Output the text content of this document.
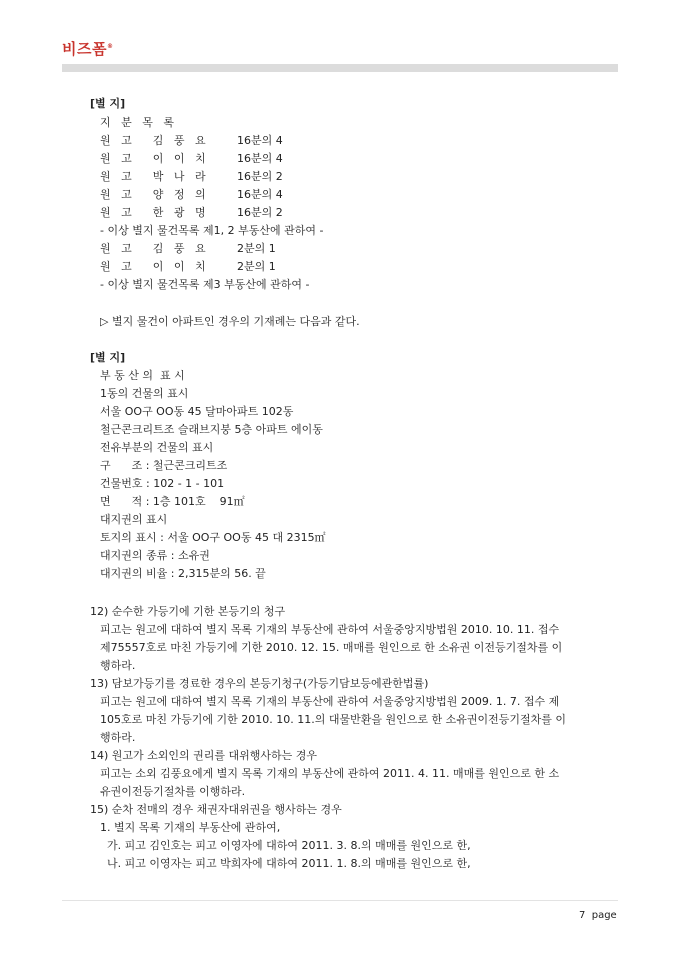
비즈폼®
[별 지]
지   분   목   록
원   고      김   풍   요         16분의 4
원   고      이   이   치         16분의 4
원   고      박   나   라         16분의 2
원   고      양   정   의         16분의 4
원   고      한   광   명         16분의 2
- 이상 별지 물건목록 제1, 2 부동산에 관하여 -
원   고      김   풍   요         2분의 1
원   고      이   이   치         2분의 1
- 이상 별지 물건목록 제3 부동산에 관하여 -
▷ 별지 물건이 아파트인 경우의 기재례는 다음과 같다.
[별 지]
부 동 산 의  표 시
1동의 건물의 표시
서울 OO구 OO동 45 달마아파트 102동
철근콘크리트조 슬래브지붕 5층 아파트 에이동
전유부분의 건물의 표시
구      조 : 철근콘크리트조
건물번호 : 102 - 1 - 101
면      적 : 1층 101호    91㎡
대지권의 표시
토지의 표시 : 서울 OO구 OO동 45 대 2315㎡
대지권의 종류 : 소유권
대지권의 비율 : 2,315분의 56. 끝
12) 순수한 가등기에 기한 본등기의 청구
피고는 원고에 대하여 별지 목록 기재의 부동산에 관하여 서울중앙지방법원 2010. 10. 11. 접수
제75557호로 마친 가등기에 기한 2010. 12. 15. 매매를 원인으로 한 소유권 이전등기절차를 이
행하라.
13) 담보가등기를 경료한 경우의 본등기청구(가등기담보등에관한법률)
피고는 원고에 대하여 별지 목록 기재의 부동산에 관하여 서울중앙지방법원 2009. 1. 7. 접수 제
105호로 마친 가등기에 기한 2010. 10. 11.의 대물반환을 원인으로 한 소유권이전등기절차를 이
행하라.
14) 원고가 소외인의 권리를 대위행사하는 경우
피고는 소외 김풍요에게 별지 목록 기재의 부동산에 관하여 2011. 4. 11. 매매를 원인으로 한 소
유권이전등기절차를 이행하라.
15) 순차 전매의 경우 채권자대위권을 행사하는 경우
1. 별지 목록 기재의 부동산에 관하여,
가. 피고 김인호는 피고 이영자에 대하여 2011. 3. 8.의 매매를 원인으로 한,
나. 피고 이영자는 피고 박희자에 대하여 2011. 1. 8.의 매매를 원인으로 한,
7  page
